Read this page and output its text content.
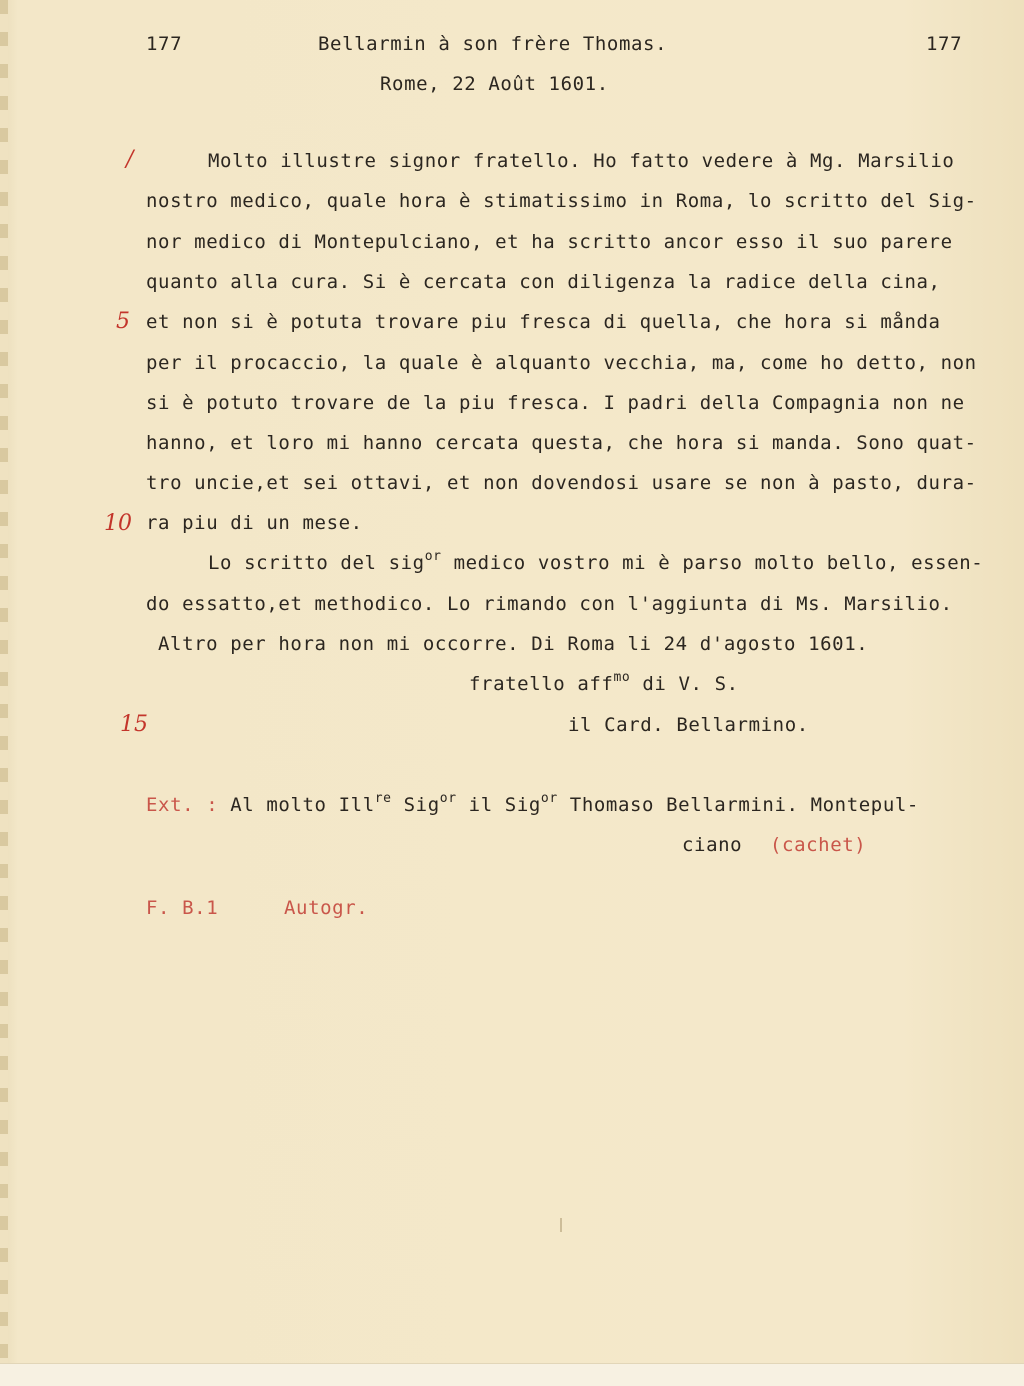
177	Bellarmin à son frère Thomas.	177
Rome, 22 Août 1601.
/
5
10
15
Molto illustre signor fratello. Ho fatto vedere à Mg. Marsilio
nostro medico, quale hora è stimatissimo in Roma, lo scritto del Sig-
nor medico di Montepulciano, et ha scritto ancor esso il suo parere
quanto alla cura. Si è cercata con diligenza la radice della cina,
et non si è potuta trovare piu fresca di quella, che hora si månda
per il procaccio, la quale è alquanto vecchia, ma, come ho detto, non
si è potuto trovare de la piu fresca. I padri della Compagnia non ne
hanno, et loro mi hanno cercata questa, che hora si manda. Sono quat-
tro uncie,et sei ottavi, et non dovendosi usare se non à pasto, dura-
ra piu di un mese.
Lo scritto del sig$^{or}$ medico vostro mi è parso molto bello, essen-
do essatto,et methodico. Lo rimando con l'aggiunta di Ms. Marsilio.
Altro per hora non mi occorre. Di Roma li 24 d'agosto 1601.
fratello aff$^{mo}$ di V. S.
il Card. Bellarmino.
Ext. : Al molto Ill$^{re}$ Sig$^{or}$ il Sig$^{or}$ Thomaso Bellarmini. Montepul-
ciano (cachet)
F. B.1	Autogr.
